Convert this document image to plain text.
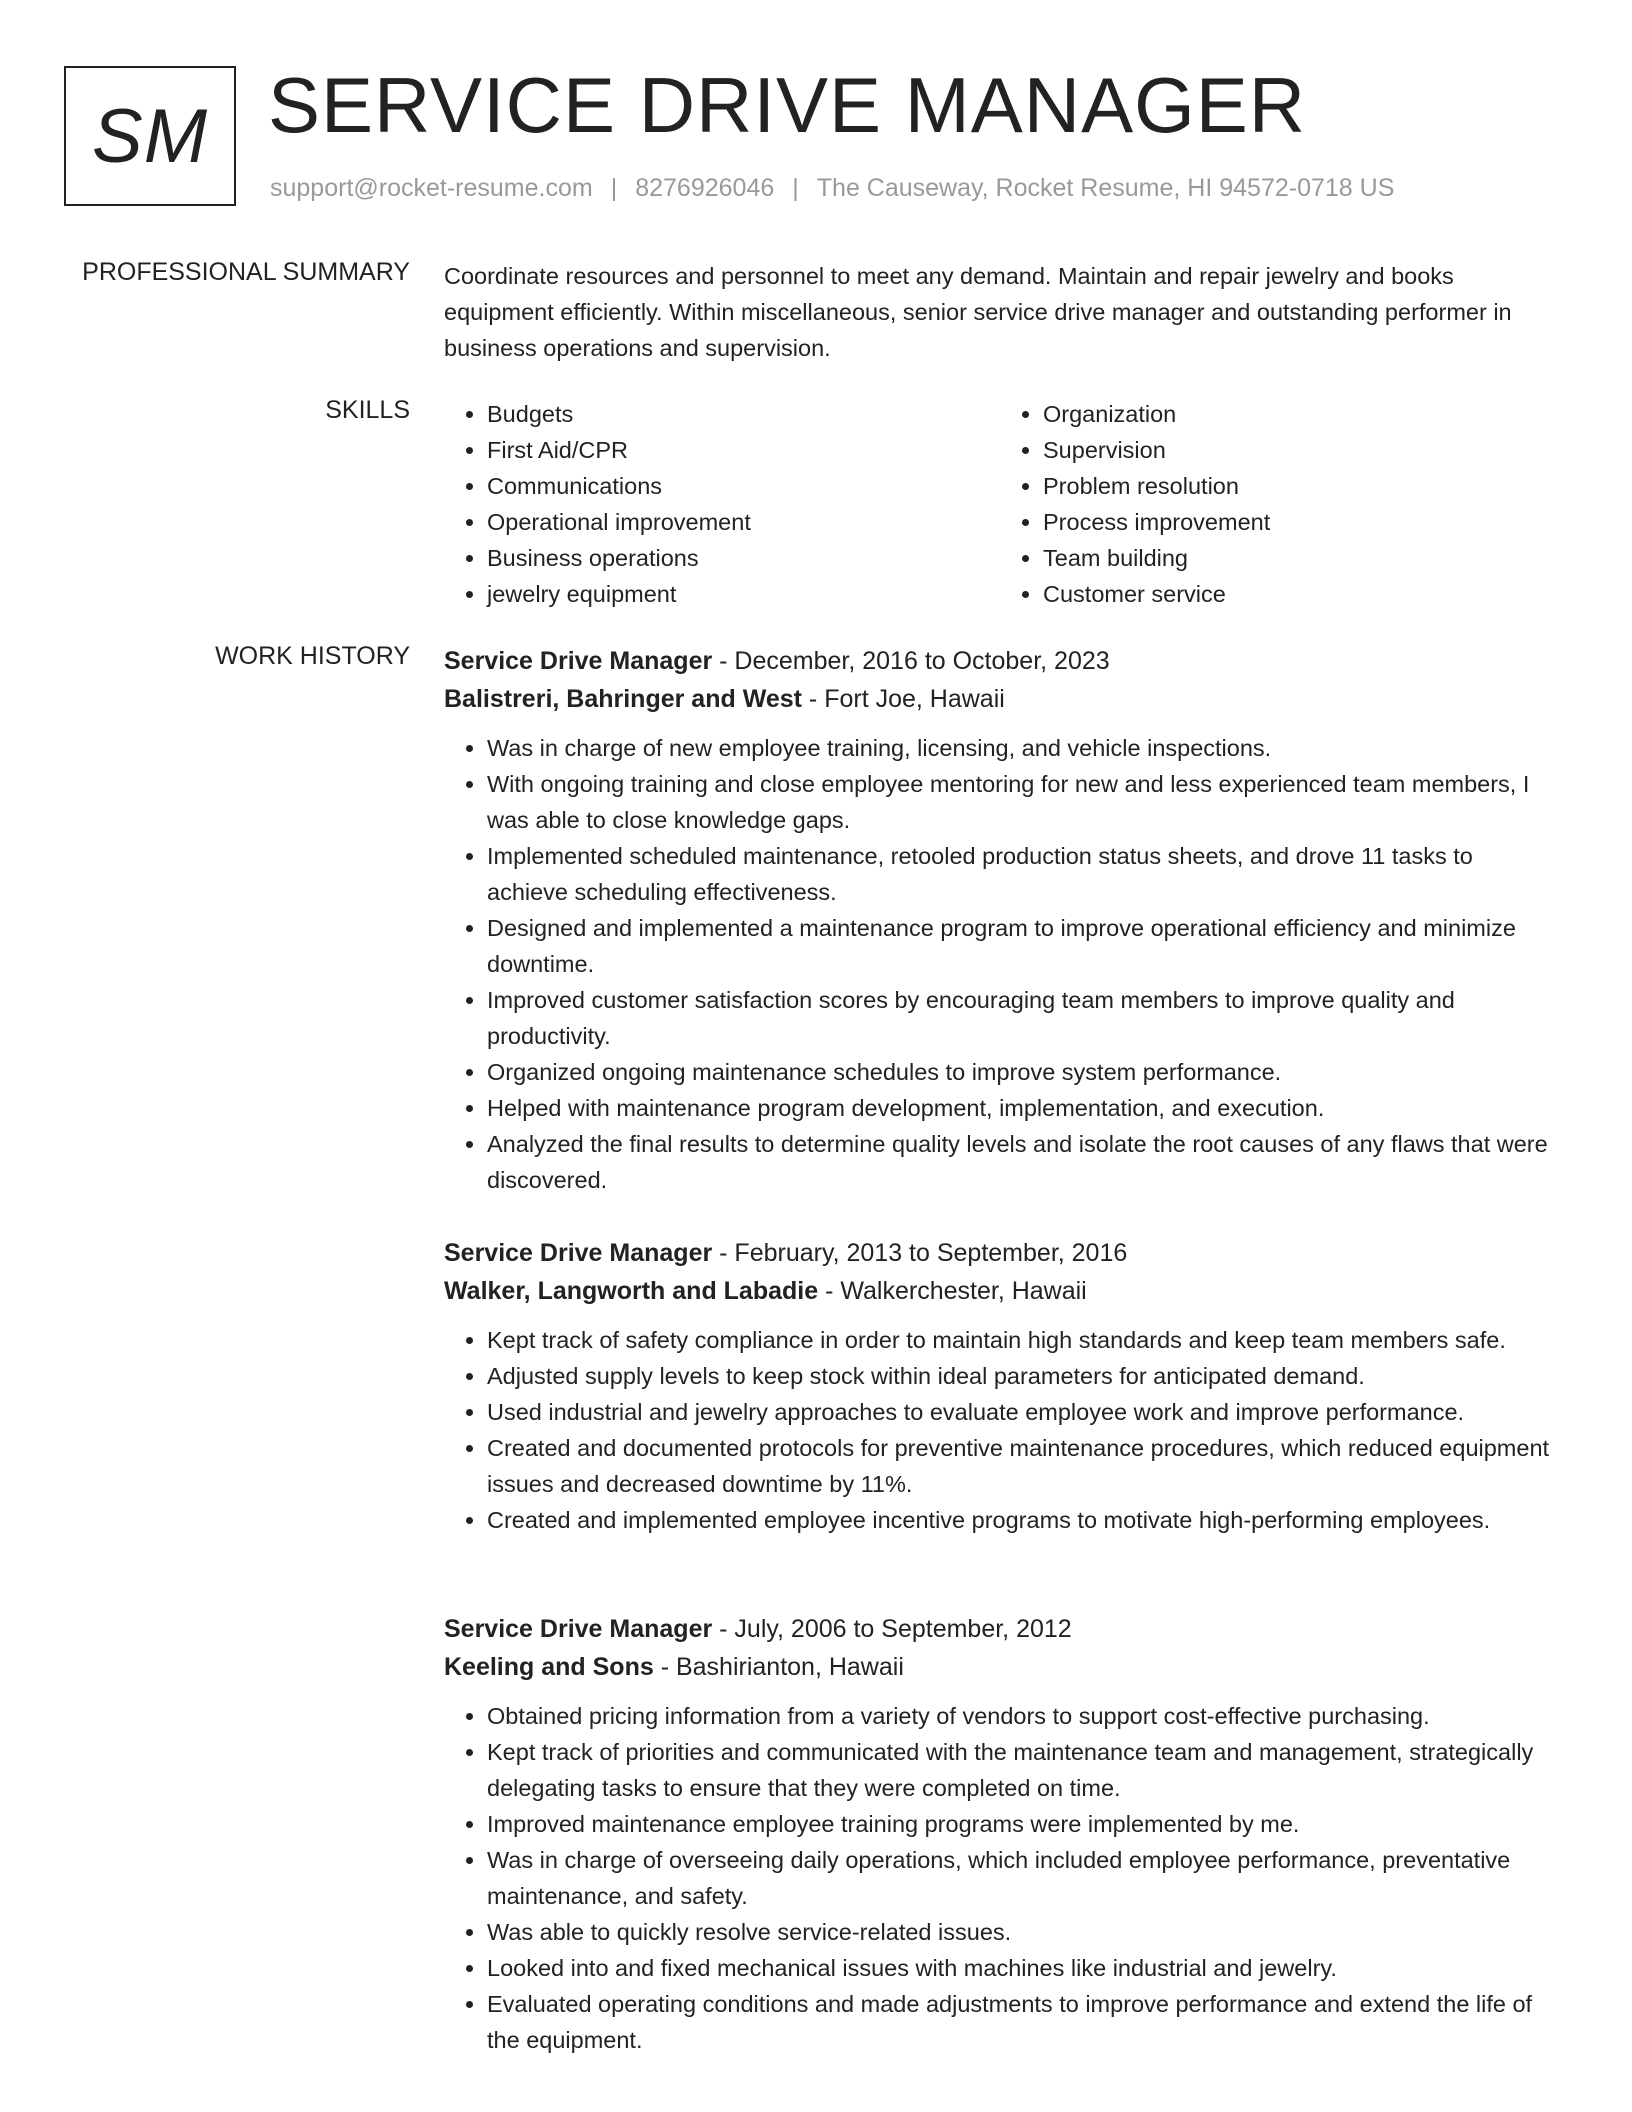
SM SERVICE DRIVE MANAGER
support@rocket-resume.com | 8276926046 | The Causeway, Rocket Resume, HI 94572-0718 US
PROFESSIONAL SUMMARY Coordinate resources and personnel to meet any demand. Maintain and repair jewelry and books equipment efficiently. Within miscellaneous, senior service drive manager and outstanding performer in business operations and supervision.

SKILLS
•	Budgets
• First Aid/CPR
• Communications
• Operational improvement
• Business operations
• jewelry equipment
• Organization
• Supervision
• Problem resolution
• Process improvement
• Team building
• Customer service
WORK HISTORY Service Drive Manager - December, 2016 to October, 2023
Balistreri, Bahringer and West - Fort Joe, Hawaii
• Was in charge of new employee training, licensing, and vehicle inspections.
• With ongoing training and close employee mentoring for new and less experienced team members, I was able to close knowledge gaps.
• Implemented scheduled maintenance, retooled production status sheets, and drove 11 tasks to achieve scheduling effectiveness.
• Designed and implemented a maintenance program to improve operational efficiency and minimize downtime.
• Improved customer satisfaction scores by encouraging team members to improve quality and productivity.
• Organized ongoing maintenance schedules to improve system performance.
• Helped with maintenance program development, implementation, and execution.
• Analyzed the final results to determine quality levels and isolate the root causes of any flaws that were discovered.
Service Drive Manager - February, 2013 to September, 2016
Walker, Langworth and Labadie - Walkerchester, Hawaii
• Kept track of safety compliance in order to maintain high standards and keep team members safe.
• Adjusted supply levels to keep stock within ideal parameters for anticipated demand.
• Used industrial and jewelry approaches to evaluate employee work and improve performance.
• Created and documented protocols for preventive maintenance procedures, which reduced equipment issues and decreased downtime by 11%.
• Created and implemented employee incentive programs to motivate high-performing employees.
Service Drive Manager - July, 2006 to September, 2012
Keeling and Sons - Bashirianton, Hawaii
• Obtained pricing information from a variety of vendors to support cost-effective purchasing.
• Kept track of priorities and communicated with the maintenance team and management, strategically delegating tasks to ensure that they were completed on time.
• Improved maintenance employee training programs were implemented by me.
• Was in charge of overseeing daily operations, which included employee performance, preventative maintenance, and safety.
• Was able to quickly resolve service-related issues.
• Looked into and fixed mechanical issues with machines like industrial and jewelry.
• Evaluated operating conditions and made adjustments to improve performance and extend the life of the equipment.
